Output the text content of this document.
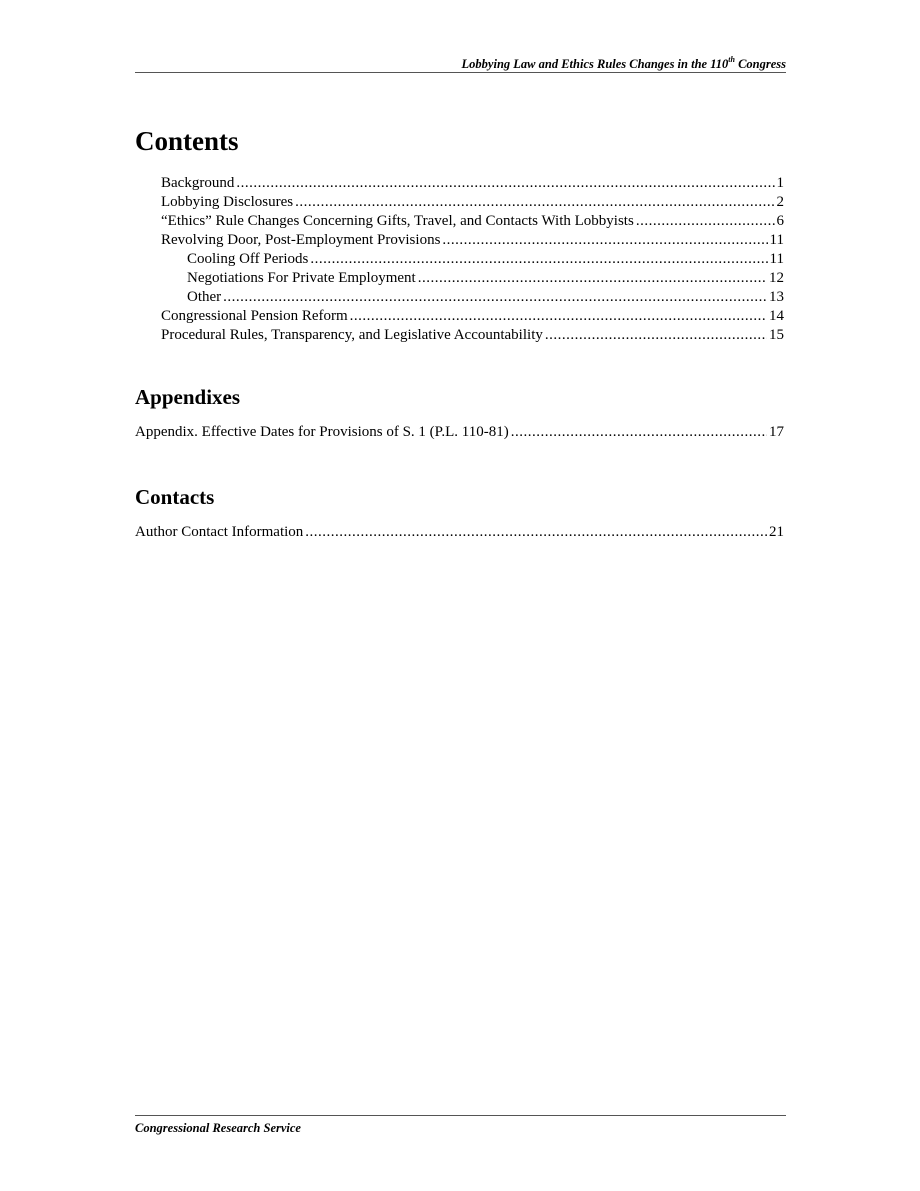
Lobbying Law and Ethics Rules Changes in the 110th Congress
Contents
Background .....	1
Lobbying Disclosures .....	2
“Ethics” Rule Changes Concerning Gifts, Travel, and Contacts With Lobbyists .....	6
Revolving Door, Post-Employment Provisions .....	11
Cooling Off Periods .....	11
Negotiations For Private Employment .....	12
Other .....	13
Congressional Pension Reform .....	14
Procedural Rules, Transparency, and Legislative Accountability .....	15
Appendixes
Appendix. Effective Dates for Provisions of S. 1 (P.L. 110-81) .....	17
Contacts
Author Contact Information .....	21
Congressional Research Service
